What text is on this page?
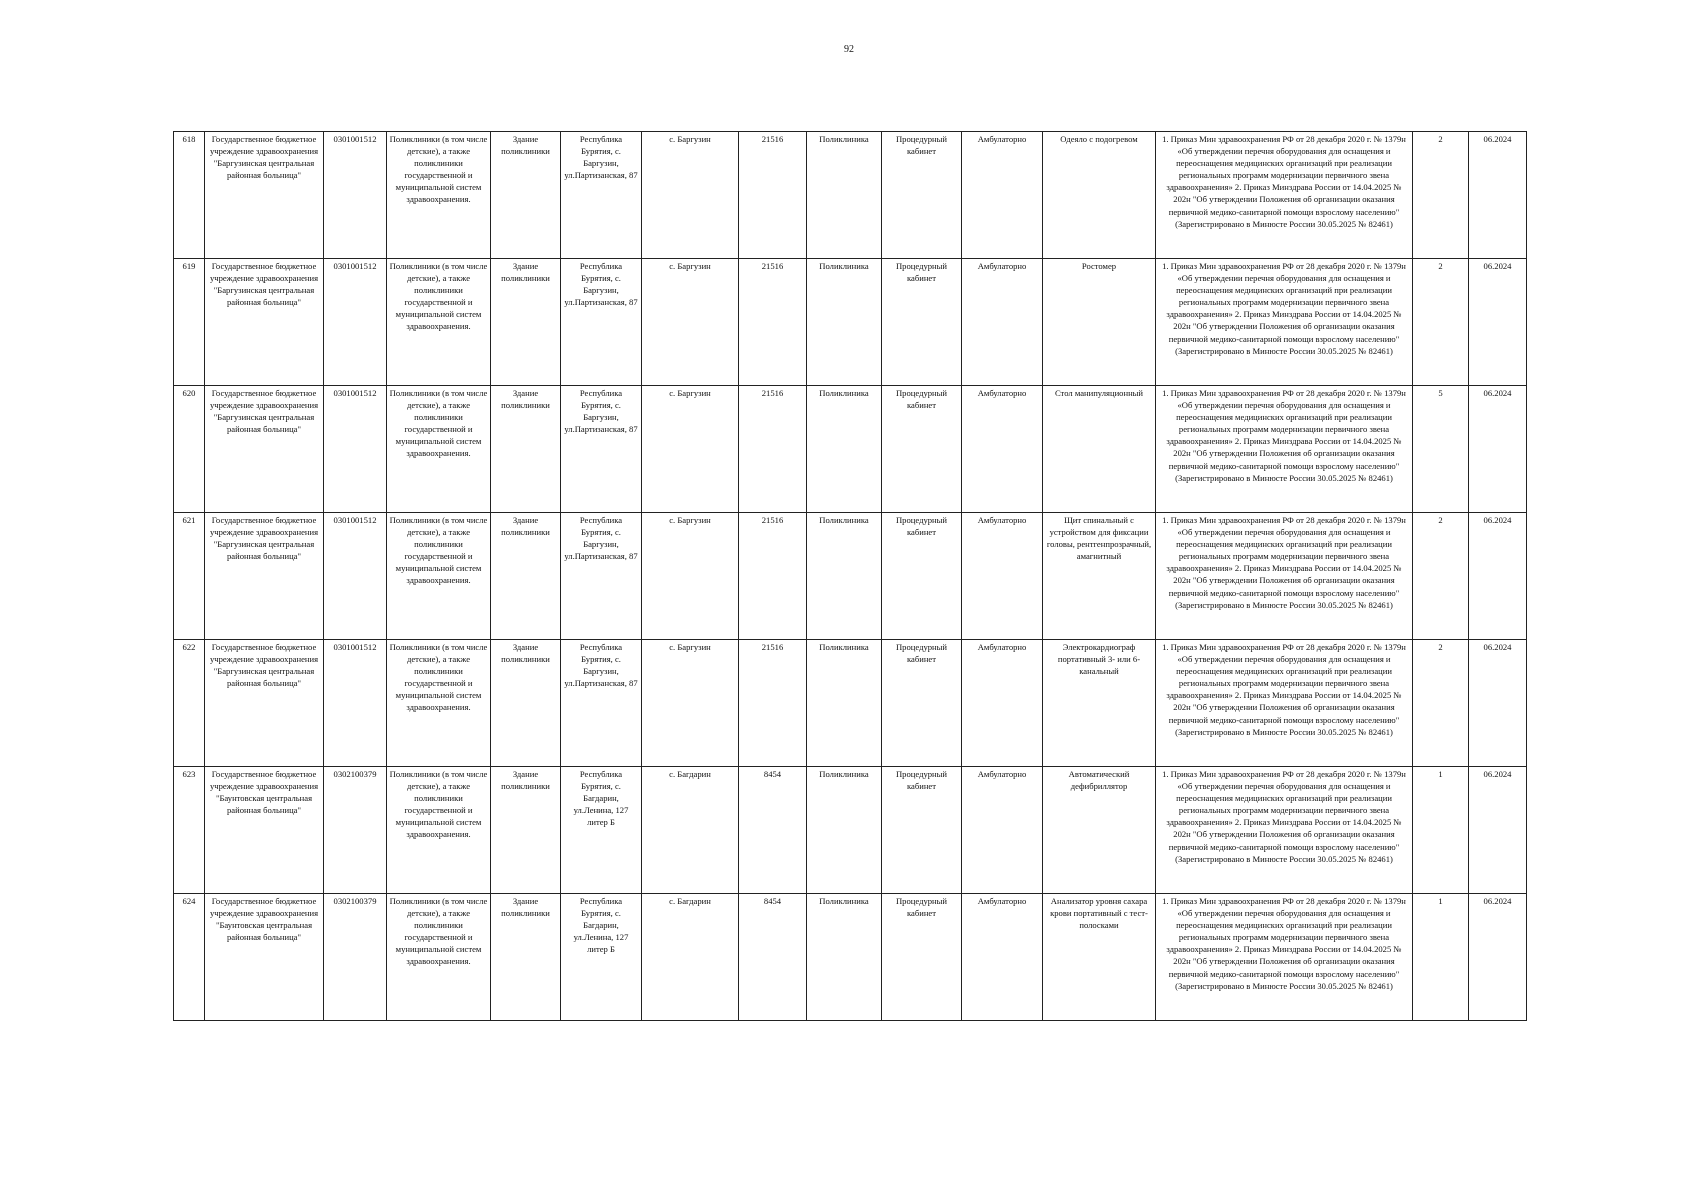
92
618	Государственное бюджетное учреждение здравоохранения "Баргузинская центральная районная больница"	0301001512	Поликлиники (в том числе детские), а также поликлиники государственной и муниципальной систем здравоохранения.	Здание поликлиники	Республика Бурятия, с. Баргузин, ул.Партизанская, 87	с. Баргузин	21516	Поликлиника	Процедурный кабинет	Амбулаторно	Одеяло с подогревом	1. Приказ Мин здравоохранения РФ от 28 декабря 2020 г. № 1379н «Об утверждении перечня оборудования для оснащения и переоснащения медицинских организаций при реализации региональных программ модернизации первичного звена здравоохранения» 2. Приказ Минздрава России от 14.04.2025 № 202н "Об утверждении Положения об организации оказания первичной медико-санитарной помощи взрослому населению" (Зарегистрировано в Минюсте России 30.05.2025 № 82461)	2	06.2024
619	Государственное бюджетное учреждение здравоохранения "Баргузинская центральная районная больница"	0301001512	Поликлиники (в том числе детские), а также поликлиники государственной и муниципальной систем здравоохранения.	Здание поликлиники	Республика Бурятия, с. Баргузин, ул.Партизанская, 87	с. Баргузин	21516	Поликлиника	Процедурный кабинет	Амбулаторно	Ростомер	1. Приказ Мин здравоохранения РФ от 28 декабря 2020 г. № 1379н «Об утверждении перечня оборудования для оснащения и переоснащения медицинских организаций при реализации региональных программ модернизации первичного звена здравоохранения» 2. Приказ Минздрава России от 14.04.2025 № 202н "Об утверждении Положения об организации оказания первичной медико-санитарной помощи взрослому населению" (Зарегистрировано в Минюсте России 30.05.2025 № 82461)	2	06.2024
620	Государственное бюджетное учреждение здравоохранения "Баргузинская центральная районная больница"	0301001512	Поликлиники (в том числе детские), а также поликлиники государственной и муниципальной систем здравоохранения.	Здание поликлиники	Республика Бурятия, с. Баргузин, ул.Партизанская, 87	с. Баргузин	21516	Поликлиника	Процедурный кабинет	Амбулаторно	Стол манипуляционный	1. Приказ Мин здравоохранения РФ от 28 декабря 2020 г. № 1379н «Об утверждении перечня оборудования для оснащения и переоснащения медицинских организаций при реализации региональных программ модернизации первичного звена здравоохранения» 2. Приказ Минздрава России от 14.04.2025 № 202н "Об утверждении Положения об организации оказания первичной медико-санитарной помощи взрослому населению" (Зарегистрировано в Минюсте России 30.05.2025 № 82461)	5	06.2024
621	Государственное бюджетное учреждение здравоохранения "Баргузинская центральная районная больница"	0301001512	Поликлиники (в том числе детские), а также поликлиники государственной и муниципальной систем здравоохранения.	Здание поликлиники	Республика Бурятия, с. Баргузин, ул.Партизанская, 87	с. Баргузин	21516	Поликлиника	Процедурный кабинет	Амбулаторно	Щит спинальный с устройством для фиксации головы, рентгенпрозрачный, амагнитный	1. Приказ Мин здравоохранения РФ от 28 декабря 2020 г. № 1379н «Об утверждении перечня оборудования для оснащения и переоснащения медицинских организаций при реализации региональных программ модернизации первичного звена здравоохранения» 2. Приказ Минздрава России от 14.04.2025 № 202н "Об утверждении Положения об организации оказания первичной медико-санитарной помощи взрослому населению" (Зарегистрировано в Минюсте России 30.05.2025 № 82461)	2	06.2024
622	Государственное бюджетное учреждение здравоохранения "Баргузинская центральная районная больница"	0301001512	Поликлиники (в том числе детские), а также поликлиники государственной и муниципальной систем здравоохранения.	Здание поликлиники	Республика Бурятия, с. Баргузин, ул.Партизанская, 87	с. Баргузин	21516	Поликлиника	Процедурный кабинет	Амбулаторно	Электрокардиограф портативный 3- или 6-канальный	1. Приказ Мин здравоохранения РФ от 28 декабря 2020 г. № 1379н «Об утверждении перечня оборудования для оснащения и переоснащения медицинских организаций при реализации региональных программ модернизации первичного звена здравоохранения» 2. Приказ Минздрава России от 14.04.2025 № 202н "Об утверждении Положения об организации оказания первичной медико-санитарной помощи взрослому населению" (Зарегистрировано в Минюсте России 30.05.2025 № 82461)	2	06.2024
623	Государственное бюджетное учреждение здравоохранения "Баунтовская центральная районная больница"	0302100379	Поликлиники (в том числе детские), а также поликлиники государственной и муниципальной систем здравоохранения.	Здание поликлиники	Республика Бурятия, с. Багдарин, ул.Ленина, 127 литер Б	с. Багдарин	8454	Поликлиника	Процедурный кабинет	Амбулаторно	Автоматический дефибриллятор	1. Приказ Мин здравоохранения РФ от 28 декабря 2020 г. № 1379н «Об утверждении перечня оборудования для оснащения и переоснащения медицинских организаций при реализации региональных программ модернизации первичного звена здравоохранения» 2. Приказ Минздрава России от 14.04.2025 № 202н "Об утверждении Положения об организации оказания первичной медико-санитарной помощи взрослому населению" (Зарегистрировано в Минюсте России 30.05.2025 № 82461)	1	06.2024
624	Государственное бюджетное учреждение здравоохранения "Баунтовская центральная районная больница"	0302100379	Поликлиники (в том числе детские), а также поликлиники государственной и муниципальной систем здравоохранения.	Здание поликлиники	Республика Бурятия, с. Багдарин, ул.Ленина, 127 литер Б	с. Багдарин	8454	Поликлиника	Процедурный кабинет	Амбулаторно	Анализатор уровня сахара крови портативный с тест-полосками	1. Приказ Мин здравоохранения РФ от 28 декабря 2020 г. № 1379н «Об утверждении перечня оборудования для оснащения и переоснащения медицинских организаций при реализации региональных программ модернизации первичного звена здравоохранения» 2. Приказ Минздрава России от 14.04.2025 № 202н "Об утверждении Положения об организации оказания первичной медико-санитарной помощи взрослому населению" (Зарегистрировано в Минюсте России 30.05.2025 № 82461)	1	06.2024
